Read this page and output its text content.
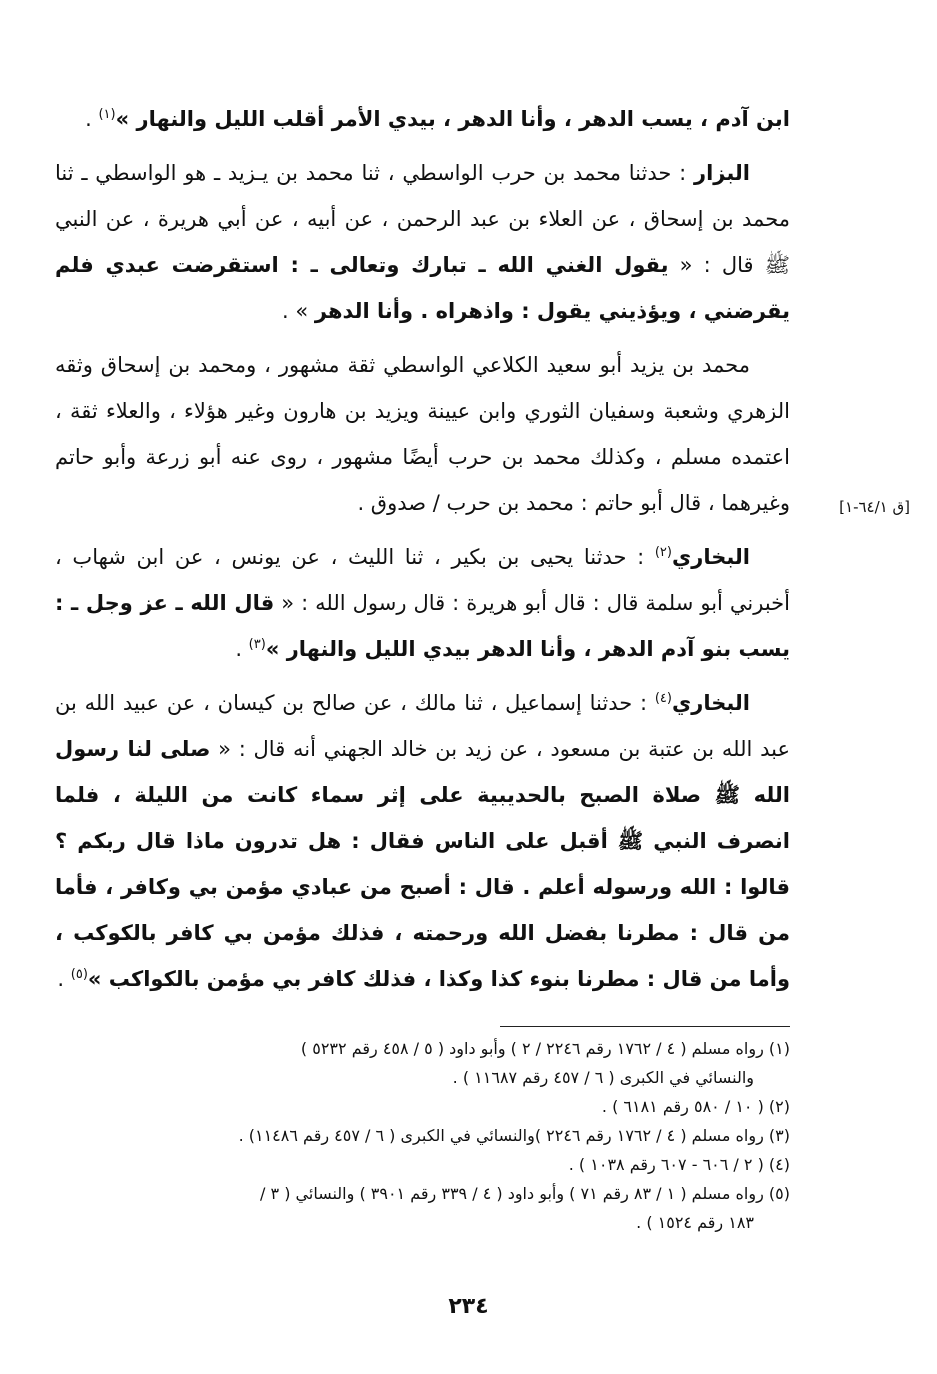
ابن آدم ، يسب الدهر ، وأنا الدهر ، بيدي الأمر أقلب الليل والنهار »$^{(١)}$ .

البزار : حدثنا محمد بن حرب الواسطي ، ثنا محمد بن يـزيد ـ هو الواسطي ـ ثنا محمد بن إسحاق ، عن العلاء بن عبد الرحمن ، عن أبيه ، عن أبي هريرة ، عن النبي ﷺ قال : « يقول الغني الله ـ تبارك وتعالى ـ : استقرضت عبدي فلم يقرضني ، ويؤذيني يقول : واذهراه . وأنا الدهر » .

محمد بن يزيد أبو سعيد الكلاعي الواسطي ثقة مشهور ، ومحمد بن إسحاق وثقه الزهري وشعبة وسفيان الثوري وابن عيينة ويزيد بن هارون وغير هؤلاء ، والعلاء ثقة ، اعتمده مسلم ، وكذلك محمد بن حرب أيضًا مشهور ، روى عنه أبو زرعة وأبو حاتم وغيرهما ، قال أبو حاتم : محمد بن حرب / صدوق .

البخاري$^{(٢)}$ : حدثنا يحيى بن بكير ، ثنا الليث ، عن يونس ، عن ابن شهاب ، أخبرني أبو سلمة قال : قال أبو هريرة : قال رسول الله : « قال الله ـ عز وجل ـ : يسب بنو آدم الدهر ، وأنا الدهر بيدي الليل والنهار »$^{(٣)}$ .

البخاري$^{(٤)}$ : حدثنا إسماعيل ، ثنا مالك ، عن صالح بن كيسان ، عن عبيد الله بن عبد الله بن عتبة بن مسعود ، عن زيد بن خالد الجهني أنه قال : « صلى لنا رسول الله ﷺ صلاة الصبح بالحديبية على إثر سماء كانت من الليلة ، فلما انصرف النبي ﷺ أقبل على الناس فقال : هل تدرون ماذا قال ربكم ؟ قالوا : الله ورسوله أعلم . قال : أصبح من عبادي مؤمن بي وكافر ، فأما من قال : مطرنا بفضل الله ورحمته ، فذلك مؤمن بي كافر بالكوكب ، وأما من قال : مطرنا بنوء كذا وكذا ، فذلك كافر بي مؤمن بالكواكب »$^{(٥)}$ .

[ق ٦٤/١-١]

(١) رواه مسلم ( ٤ / ١٧٦٢ رقم ٢٢٤٦ / ٢ ) وأبو داود ( ٥ / ٤٥٨ رقم ٥٢٣٢ )

والنسائي في الكبرى ( ٦ / ٤٥٧ رقم ١١٦٨٧ ) .

(٢) ( ١٠ / ٥٨٠ رقم ٦١٨١ ) .

(٣) رواه مسلم ( ٤ / ١٧٦٢ رقم ٢٢٤٦ )والنسائي في الكبرى ( ٦ / ٤٥٧ رقم ١١٤٨٦) .

(٤) ( ٢ / ٦٠٦ - ٦٠٧ رقم ١٠٣٨ ) .

(٥) رواه مسلم ( ١ / ٨٣ رقم ٧١ ) وأبو داود ( ٤ / ٣٣٩ رقم ٣٩٠١ ) والنسائي ( ٣ /

١٨٣ رقم ١٥٢٤ ) .

٢٣٤
